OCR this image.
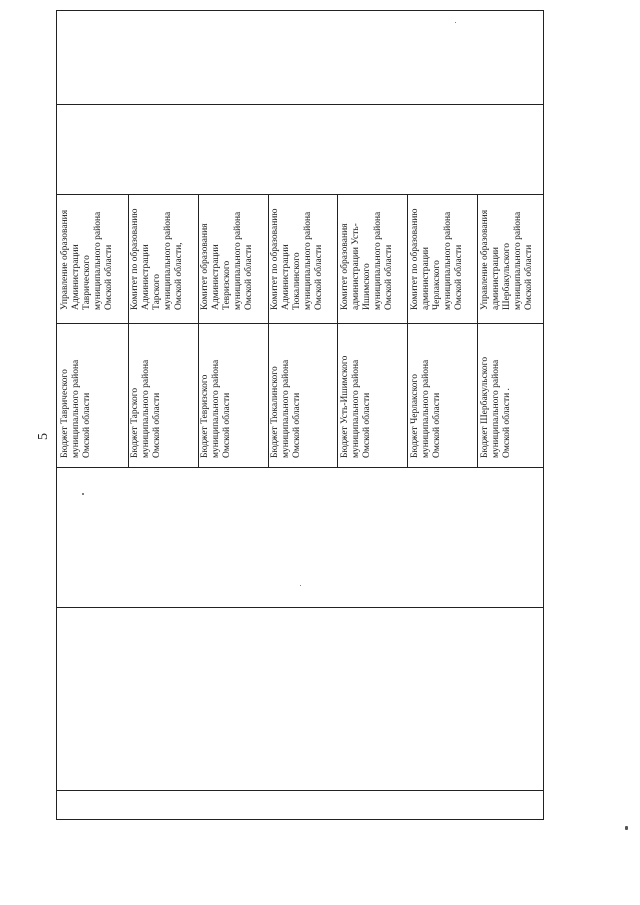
5
Управление образования Администрации Таврического муниципального района Омской области
Бюджет Таврического муниципального района Омской области
Комитет по образованию Администрации Тарского муниципального района Омской области,
Бюджет Тарского муниципального района Омской области
Комитет образования Администрации Тевризского муниципального района Омской области
Бюджет Тевризского муниципального района Омской области
Комитет по образованию Администрации Тюкалинского муниципального района Омской области
Бюджет Тюкалинского муниципального района Омской области
Комитет образования администрации Усть- Ишимского муниципального района Омской области
Бюджет Усть-Ишимского муниципального района Омской области
Комитет по образованию администрации Черлакского муниципального района Омской области
Бюджет Черлакского муниципального района Омской области
Управление образования администрации Шербакульского муниципального района Омской области
Бюджет Шербакульского муниципального района Омской области .
